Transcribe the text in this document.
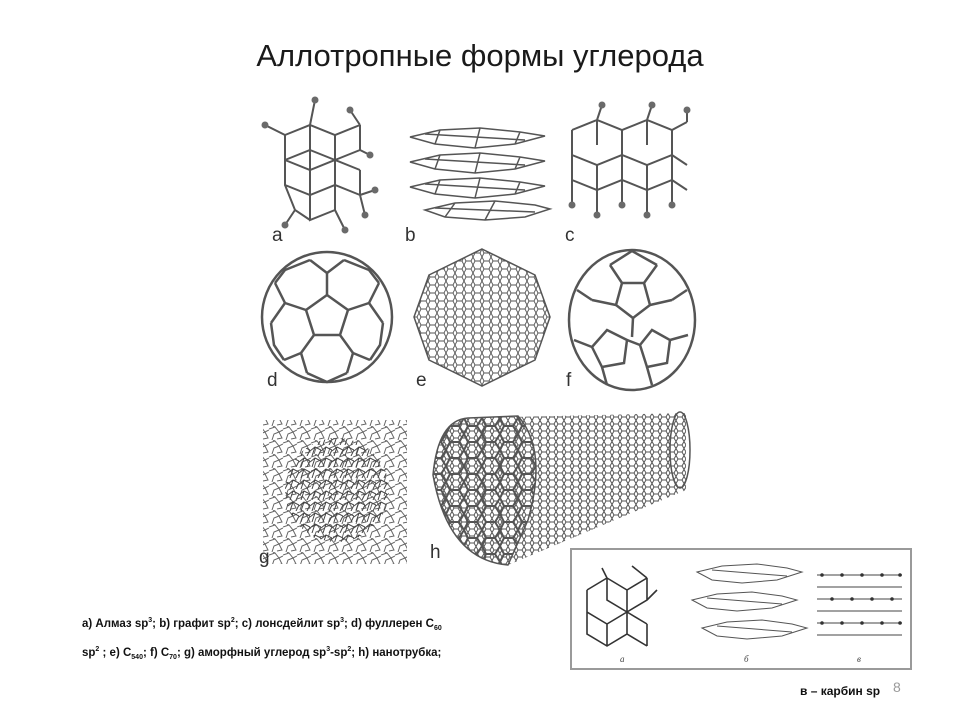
Аллотропные формы углерода
a	b	c
d	e	f
g	h
a) Алмаз $sp^3$; b) графит $sp^2$; c) лонсдейлит $sp^3$; d) фуллерен $C_{60}$
$sp^2$ ; e) $C_{540}$; f) $C_{70}$; g) аморфный углерод $sp^3-sp^2$; h) нанотрубка;
а	б	в
в – карбин sp 8
